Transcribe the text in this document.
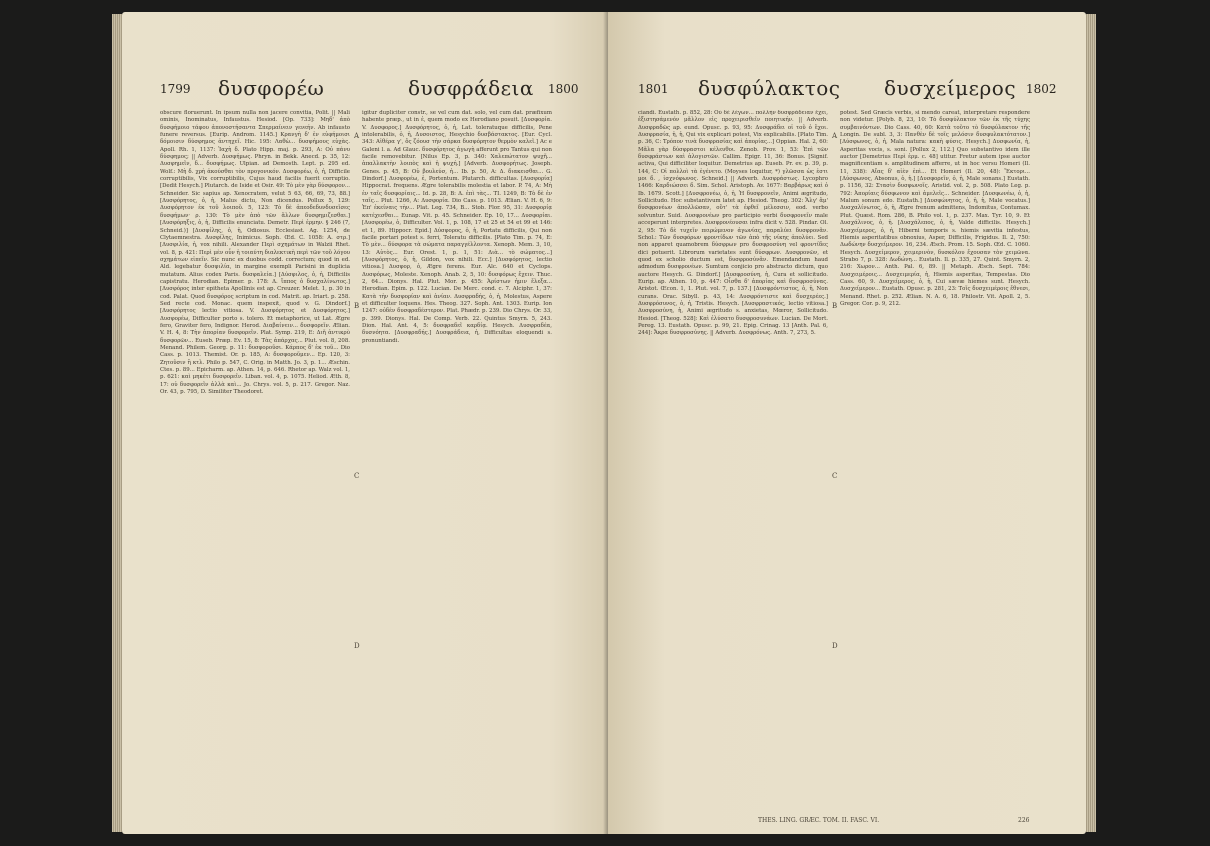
1799 δυσφορέω	δυσφράδεια 1800
obscure floruerunt. In ipsum nulla non jacere convitia, Polit. || Mali ominis, Inominatus, Infaustus. Hesiod. [Op. 733]: Μηδ' ἀπὸ δυσφήμοιο τάφου ἀπονοστήσαντα Σπερμαίνειν γενεήν. Ab infausto funere reversus. [Eurip. Androm. 1145.] Κρανγὴ δ' ἐν εὐφήμοισι δόμοισιν δύσφημος ἀντηχεῖ. Hic. 195: Λαθὼ... δυσφήμους εὐχὰς. Apoll. Rh. 1, 1137: Ἰαχὴ δ. Plato Hipp. maj. p. 293, A: Οὐ πάνυ δύσφημος; || Adverb. Δυσφήμως. Phryn. in Bekk. Anecd. p. 35, 12: Δυσφημεῖν, δ... δυσφήμως. Ulpian. ad Demosth. Lept. p. 295 ed. Wolf.: Μὴ δ. χρὴ ἀκούσθαι τὸν προγονικόν. Δυσφορέω, ὁ, ἡ, Difficile corruptibilis, Vix corruptibilis, Cujus haud facilis fuerit corruptio. [Dedit Hesych.] Plutarch. de Iside et Osir. 49: Τὸ μὲν γὰρ δύσφορον... Schneider. Sic sapius ap. Xenocratem, velut 5 63, 66, 69, 73, 88.] [Δυσφόρητος, ὁ, ἡ, Malus dictu, Non dicendus. Pollux 5, 129: Δυσφόρητον ἐκ τοῦ λοιποῦ. 5, 123: Τὸ δὲ ἀπεοδεδυνδυσεῖσες δυσφήμων· ρ. 130: Τὸ μὲν ἀπὸ τῶν ἄλλων δυσφημιζεσθαι.] [Δυσφόρηξις, ὁ, ἡ, Difficilis enunciatu. Demetr. Περὶ ἑρμην. § 246 (7, Schneid.)] [Δυσφίλης, ὁ, ἡ, Odiosus. Ecclesiast. Ag. 1254, de Clytaemnestra. Δυσφίλης, Inimicus. Soph. Œd. C. 1058: Α. στρ.] [Δυσφιλία, ἡ, vox nihili. Alexander Περὶ σχημάτων in Walzii Rhet. vol. 8, p. 421: Περὶ μὲν οὖν ἡ τοιαύτη διαλεκτικὴ περὶ τῶν τοῦ λόγου σχημάτων εἰπεῖν. Sic nunc ex duobus codd. correctum; quod in ed. Ald. legebatur δυσφιλία, in margine exempli Parisini in duplicia mutatum. Alius codex Paris. δυσφαλεία.] [Δύσφιλος, ὁ, ἡ, Difficilis capistratu. Herodian. Epimer. p. 178: Δ. ἵππος ὁ δυσχαλίνωτος.] [Δυσφόρος inter epitheta Apollinis est ap. Creuzer. Melet. 1, p. 30 in cod. Palat. Quod δυσφόρος scriptum in cod. Matrit. ap. Iriart. p. 258. Sed recte cod. Monac. quem inspexit, quod v. G. Dindorf.] [Δυσφόρητος lectio vitiosa. V. Δυσφόρητος et Δυσφόρητος.] Δυσφορέω, Difficulter porto s. tolero. Et metaphorice, ut Lat. Ægre fero, Graviter fero, Indignor. Herod. Διαβαίνειν... δυσφορεῖν. Ælian. V. H. 4, 8: Τὴν ἀπορίαν δυσφορεῖν. Plat. Symp. 219, E: Διῆ ἀντικρὺ δυσφορῶν... Euseb. Præp. Ev. 15, 8: Τὰς ἀπάρχας... Plut. vol. 8, 208. Menand. Philem. Georg. p. 11: δυσφοροῦσι. Κάρπος δ' ἐκ τοῦ... Dio Cass. p. 1013. Themist. Or. p. 185, A: δυσφοροῦμεν... Ep. 120, 3: Ζητοῦσιν ἢ κτλ. Philo p. 547, C. Orig. in Matth. Jo. 3, p. 1... Æschin. Ctes. p. 89... Epicharm. ap. Athen. 14, p. 646. Rhetor ap. Walz vol. 1, p. 621: καὶ μηκέτι δυσφορεῖν. Liban. vol. 4, p. 1075. Heliod. Æth. 8, 17: οὐ δυσφορεῖν ἀλλὰ καὶ... Jo. Chrys. vol. 5, p. 217. Gregor. Naz. Or. 43, p. 795, D. Similiter Theodoret.
A
B
C
D
igitur dupliciter constr., se vel cum dat. solo, vel cum dat. præfixum habente præp., ut in ἐ, quem modo ex Herodiano posuit. [Δυσφορία. V. Δυσφορος.] Δυσφόρητος, ὁ, ἡ, Lat. toleratuque difficilis, Pene intolerabilis, ὁ, ἡ, Δυσοιστος, Hesychio δυσβάστακτος. [Eur. Cycl. 343: Αἰθέρα γ', ὅς ζόουσ τὴν σάρκα δυσφόρητον θερμὸν καλεῖ.] Ac e Galeni l. a. Ad Glauc. δυσφόρητος ἀγωγὴ afferunt pro Tantus qui non facile removebitur. [Nilus Ep. 3, p. 340: Χαλεπώτατον ψυχῆ... ἀπαλλακτὴν λοιπὸς καὶ ἡ ψυχή.] [Adverb. Δυσφορήτως. Joseph. Genes. p. 45, B: Οὐ βουλεύσ, ἡ... Ib. p. 50, A: Δ. διακεισθαι... G. Dindorf.] Δυσφορέω, ἐ, Portentum. Plutarch. difficultas. [Δυσφορία] Hippocrat. frequens. Ægre tolerabilis molestia et labor. P. 74, A: Μὴ ἐν ταῖς δυσφορίαις... Id. p. 28, B: Δ. ἐπὶ τὰς... ΤΙ. 1249, B: Τὸ δὲ ἐν ταῖς... Plut. 1266, A: Δυσφορία. Dio Cass. p. 1013. Ælian. V. H. 6, 9: Ἐπ' ἐκείναις τὴν... Plat. Leg. 734, B... Stob. Flor. 95, 31: Δυσφορίᾳ κατέχεσθαι... Eunap. Vit. p. 45. Schneider. Ep. 10, 17... Δυσφορίαι. [Δυσφορέω, ὁ, Difficulter. Vol. 1, p. 108, 17 et 25 et 54 et 99 et 146: et 1, 89. Hippocr. Epid.] Δύσφορος, ὁ, ἡ, Portatu difficilis, Qui non facile portari potest s. ferri, Toleratu difficilis. [Plato Tim. p. 74, E: Τὸ μὲν... δύσφορα τὰ σώματα παραγγέλλοντα. Xenoph. Mem. 3, 10, 13: Αὐτὸς... Eur. Orest. 1, p. 1, 51: Διὰ... τὸ σώματος...] [Δυσφόρητος, ὁ, ἡ, Gildon, vox nihili. Ecc.] [Δυσφόρητος, lectio vitiosa.] Δυσφορ, ὁ, Ægre ferens. Eur. Alc. 640 et Cyclops. Δυσφόρως, Moleste. Xenoph. Anab. 2, 5, 10: δυσφόρως ἔχειν. Thuc. 2, 64... Dionys. Hal. Plut. Mor. p. 455: Ἀρίστων ἡμιν ἔλεξα... Herodian. Epim. p. 122. Lucian. De Merc. cond. c. 7. Alciphr. 1, 37: Κατὰ τὴν δυσφορίαν καὶ ἀνίαν. Δυσφραδής, ὁ, ἡ, Molestus, Aspere et difficulter loquens. Hes. Theog. 327. Soph. Ant. 1303. Eurip. Ion 1247: οὐδὲν δυσφραδέστερον. Plat. Phædr. p. 239. Dio Chrys. Or. 33, p. 399. Dionys. Hal. De Comp. Verb. 22. Quintus Smyrn. 5, 243. Dion. Hal. Ant. 4, 5: δυσφραδεῖ καρδίᾳ. Hesych. Δυσφραδέα, δυσνόητα. [Δυσφραδής.] Δυσφράδεια, ἡ, Difficultas eloquendi s. pronuntiandi.
1801 δυσφύλακτος δυσχείμερος 1802
ciandi. Eustath. p. 852, 28: Οὐ δὲ λέγων... πολλὴν δυσφράδειαν ἔχει, ἐξιστησάμενόν μᾶλλον εἰς προχειρισθεῖν ποιητικήν. || Adverb. Δυσφραδῶς ap. eund. Opusc. p. 93, 95: Δυσφράδει οἱ τοῦ ὁ ἔχοι. Δυσφρασία, ἡ, ἡ, Qui vix explicari potest, Vix explicabilis. [Plato Tim. p. 36, C: Τρόπον τινὰ δυσφρασίας καὶ ἀπορίας...] Oppian. Hal. 2, 60: Μᾶλα γὰρ δύσφραστοι κέλευθοι. Zenob. Prov. 1, 53: Ἐπὶ τῶν δυσφράστων καὶ ἀλογιστῶν. Callim. Epigr. 11, 36: Bonus. [Signif. activa, Qui difficiliter loquitur. Demetrius ap. Euseb. Pr. ev. p. 39, p. 144, C: Οἱ πολλοὶ τὰ ἐγένετο. (Moyses loquitur, *) γλῶσσα ὡς ἐστι μοι δ. , ἰσχνόφωνος. Schneid.] || Adverb. Δυσφράστως. Lycophro 1466: Καρδιώσσει δ. Sim. Schol. Aristoph. Av. 1677: Βαρβάρως καὶ ὁ Ib. 1679. Scott.] [Δυσφρονέω, ὁ, ἡ, Ἡ δυσφρονεῖν, Animi ægritudo, Sollicitudo. Hoc substantivum latet ap. Hesiod. Theog. 302: Ἄλγ' ἄμ' δυσφρονέων ἀπολλῶσαν, οὔτ' τὰ ἐφθεῖ μέλεσσιν, eod. verbo solvuntur. Suid. Δυσφρονέων pro participio verbi δυσφρονεῖν male acceperunt interpretes. Δυσφρονέουσαι infra dicit v. 528. Pindar. Ol. 2, 95: Τὸ δὲ τυχεῖν πειρώμενον ἀγωνίας, παραλύει δυσφρονᾶν. Schol.: Τῶν δυσφόρων φροντίδων τῶν ἀπὸ τῆς νίκης ἀπολύει. Sed non apparet quamobrem δύσφρων pro δυσφροσύνη vel φροντίδες dici potuerit. Librorum varietates sunt δύσφρων. Δυσφρονῶν, et quod ex scholio ductum est, δυσφροσύνᾶν. Emendandum haud admodum δυσφρονέων. Sumtum conjicio pro abstracto dictum, quo auctore Hesych. G. Dindorf.] [Δυσφροσύνη, ἡ, Cura et sollicitudo. Eurip. ap. Athen. 10, p. 447: Οἶσθα δ' ἀπορίας καὶ δυσφροσύνας. Aristot. Œcon. 1, 1. Plut. vol. 7, p. 137.] [Δυσφρόντιστος, ὁ, ἡ, Non curans. Orac. Sibyll. p. 43, 14: Δυσφρόντιστε καὶ δυσχερέες.] Δυσφρόσυνος, ὁ, ἡ, Tristis. Hesych. [Δυσφραστικός, lectio vitiosa.] Δυσφροσύνη, ἡ, Animi ægritudo s. anxietas, Mœror, Sollicitudo. Hesiod. [Theog. 528]: Καὶ ἐλύσατο δυσφροσυνάων. Lucian. De Mort. Pereg. 13. Eustath. Opusc. p. 99, 21. Epig. Crinag. 13 [Anth. Pal. 6, 244]: Ἄκρα δυσφροσύνης. || Adverb. Δυσφρόνως. Anth. 7, 273, 5.
A
B
C
D
potest. Sed Græcis verbis, si mendo careat, interpretare respondere non videtur. [Polyb. 8, 23, 10: Τὸ δυσφύλακτον τῶν ἐκ τῆς τύχης συμβαινόντων. Dio Cass. 40, 60: Κατὰ τοῦτο τὸ δυσφύλακτον τῆς Longin. De subl. 3, 3: Πανθὲν δὲ τοῖς μελόσιν δυσφυλακτότατον.] [Δύσφωνος, ὁ, ἡ, Mala natura: κακὴ φύσις. Hesych.] Δυσφωνία, ἡ, Asperitas vocis, s. soni. [Pollux 2, 112.] Quo substantivo idem ille auctor [Demetrius Περὶ ἑρμ. c. 48] utitur. Fretur autem ipse auctor magnificentiam s. amplitudinem afferre, ut in hoc versu Homeri (Il. 11, 338): Αἴας δ' αἰὲν ἐπὶ... Et Homeri (Il. 20, 48): Ἔκτορι... [Δύσφωνος, Absonus, ὁ, ἡ.] [Δυσφορεῖν, ὁ, ἡ, Male sonans.] Eustath. p. 1156, 32: Στασὶν δυσφωνοῖς. Aristid. vol. 2, p. 508. Plato Leg. p. 792: Ἀπορίαις δύσφωνον καὶ ἀμελεῖς... Schneider. [Δυσφωνέω, ὁ, ἡ, Malum sonum edo. Eustath.] [Δυσφώνητος, ὁ, ἡ, ἡ, Male vocatus.] Δυσχαλίνωτος, ὁ, ἡ, Ægre frenum admittens, Indomitus, Contumax. Plut. Quæst. Rom. 286, B. Philo vol. 1, p. 237. Max. Tyr. 10, 9. Et Δυσχάλινος, ὁ, ἡ. [Δυσχάλεπος, ὁ, ἡ, Valde difficilis. Hesych.] Δυσχείμερος, ὁ, ἡ, Hiberni temporis s. hiemis sævitia infestus, Hiemis asperitatibus obnoxius, Asper, Difficilis, Frigidus. Il. 2, 750: Δωδώνην δυσχείμερον. 16, 234. Æsch. Prom. 15. Soph. Œd. C. 1060. Hesych. Δυσχείμερον, χειμερινὸν, δυσκόλου ἔχουσαν τὸν χειμῶνα. Strabo 7, p. 328: Δωδώνη... Eustath. Il. p. 335, 27. Quint. Smyrn. 2, 216: Χωρον... Anth. Pal. 6, 89. || Metaph. Æsch. Sept. 784: Δυσχειμέροις... Δυσχειμερία, ἡ, Hiemis asperitas, Tempestas. Dio Cass. 60, 9. Δυσχείμερος, ὁ, ἡ, Cui sævæ hiemes sunt. Hesych. Δυσχείμερον... Eustath. Opusc. p. 281, 23: Τοῖς δυσχειμέροις ἔθνεσι, Menand. Rhet. p. 252. Ælian. N. A. 6, 18. Philostr. Vit. Apoll. 2, 5. Gregor. Cor. p. 9, 212.
THES. LING. GRÆC. TOM. II. FASC. VI.	226
